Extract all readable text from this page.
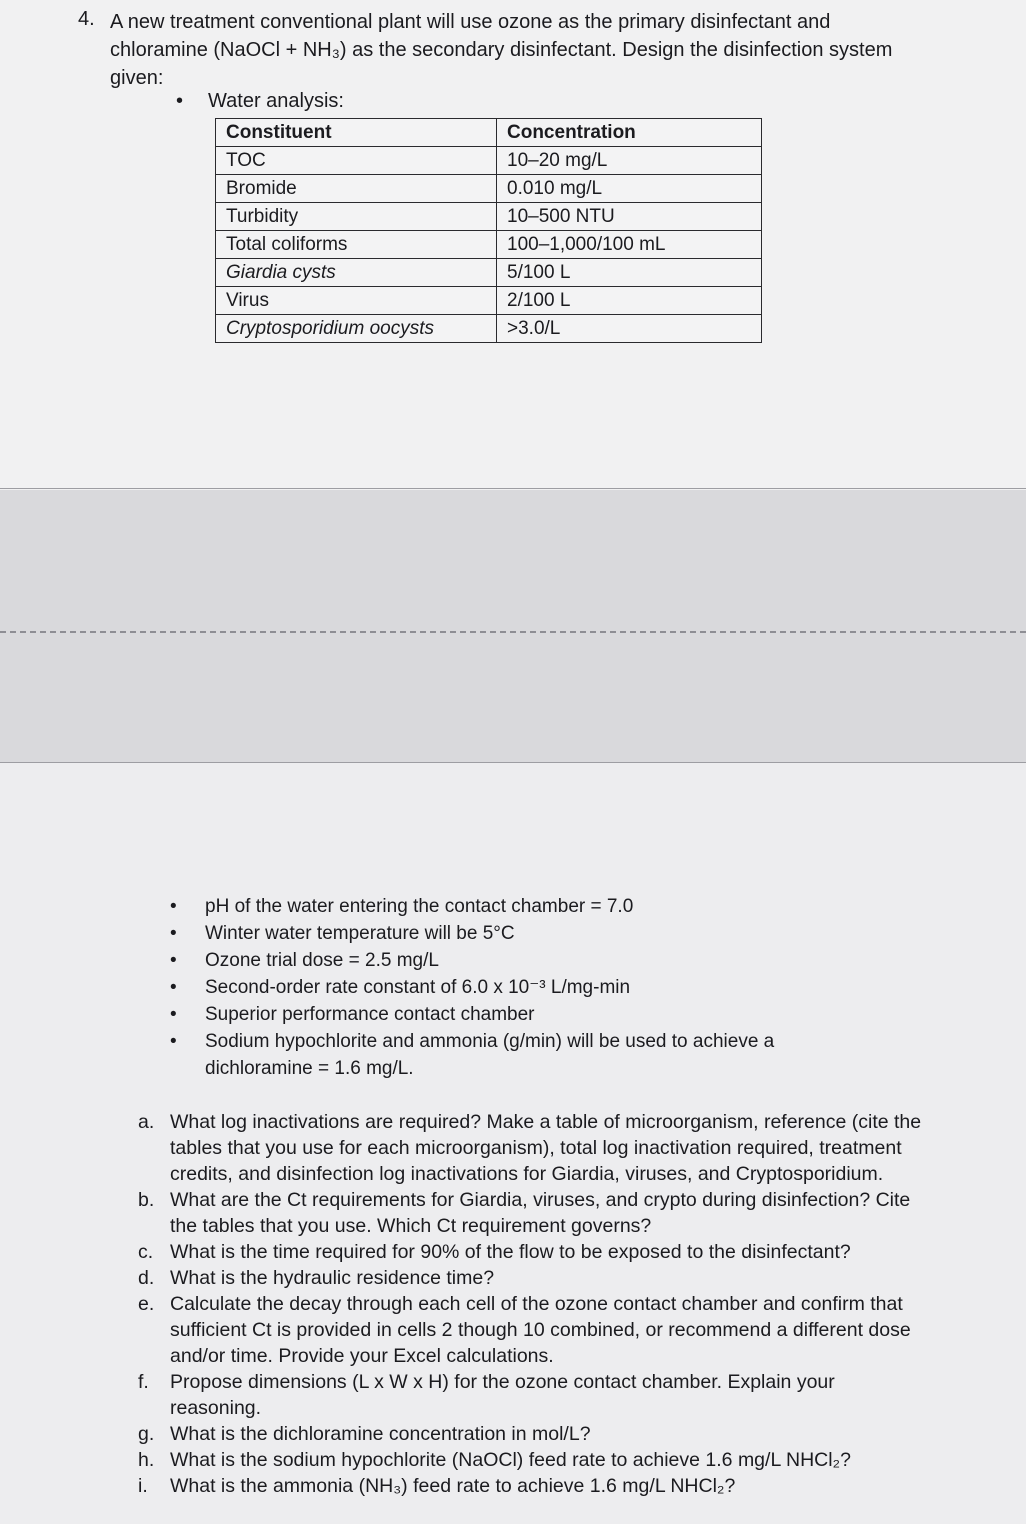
4. A new treatment conventional plant will use ozone as the primary disinfectant and chloramine (NaOCl + NH₃) as the secondary disinfectant. Design the disinfection system given:

• Water analysis:
Constituent	Concentration
TOC	10–20 mg/L
Bromide	0.010 mg/L
Turbidity	10–500 NTU
Total coliforms	100–1,000/100 mL
Giardia cysts	5/100 L
Virus	2/100 L
Cryptosporidium oocysts	>3.0/L
• pH of the water entering the contact chamber = 7.0
• Winter water temperature will be 5°C
• Ozone trial dose = 2.5 mg/L
• Second-order rate constant of 6.0 x 10⁻³ L/mg-min
• Superior performance contact chamber
• Sodium hypochlorite and ammonia (g/min) will be used to achieve a dichloramine = 1.6 mg/L.
a. What log inactivations are required? Make a table of microorganism, reference (cite the tables that you use for each microorganism), total log inactivation required, treatment credits, and disinfection log inactivations for Giardia, viruses, and Cryptosporidium.
b. What are the Ct requirements for Giardia, viruses, and crypto during disinfection? Cite the tables that you use. Which Ct requirement governs?
c. What is the time required for 90% of the flow to be exposed to the disinfectant?
d. What is the hydraulic residence time?
e. Calculate the decay through each cell of the ozone contact chamber and confirm that sufficient Ct is provided in cells 2 though 10 combined, or recommend a different dose and/or time. Provide your Excel calculations.
f. Propose dimensions (L x W x H) for the ozone contact chamber. Explain your reasoning.
g. What is the dichloramine concentration in mol/L?
h. What is the sodium hypochlorite (NaOCl) feed rate to achieve 1.6 mg/L NHCl₂?
i. What is the ammonia (NH₃) feed rate to achieve 1.6 mg/L NHCl₂?
